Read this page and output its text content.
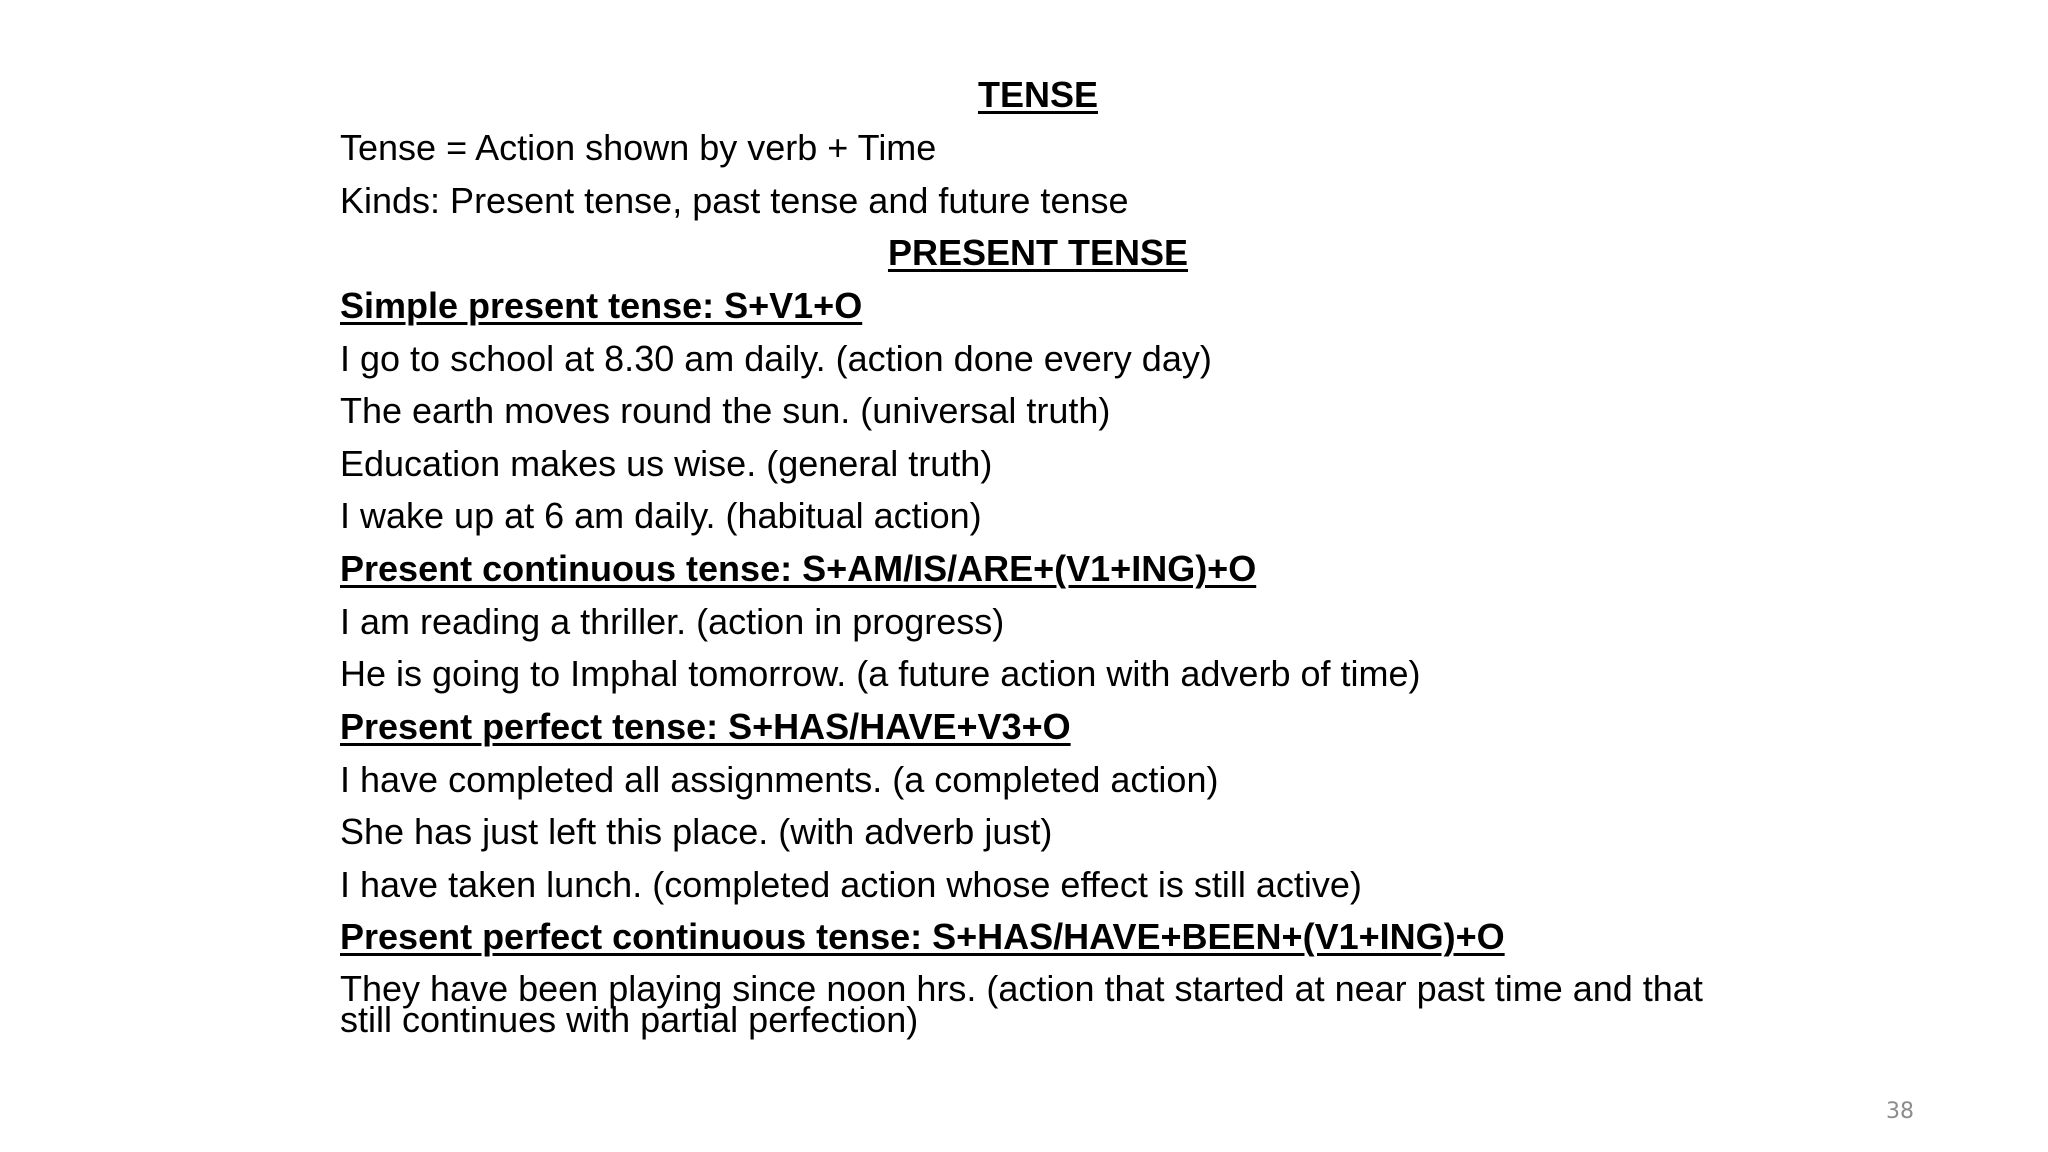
TENSE
Tense = Action shown by verb + Time
Kinds: Present tense, past tense and future tense
PRESENT TENSE
Simple present tense: S+V1+O
I go to school at 8.30 am daily. (action done every day)
The earth moves round the sun. (universal truth)
Education makes us wise. (general truth)
I wake up at 6 am daily. (habitual action)
Present continuous tense: S+AM/IS/ARE+(V1+ING)+O
I am reading a thriller. (action in progress)
He is going to Imphal tomorrow. (a future action with adverb of time)
Present perfect tense: S+HAS/HAVE+V3+O
I have completed all assignments. (a completed action)
She has just left this place. (with adverb just)
I have taken lunch. (completed action whose effect is still active)
Present perfect continuous tense: S+HAS/HAVE+BEEN+(V1+ING)+O
They have been playing since noon hrs. (action that started at near past time and that still continues with partial perfection)
38
